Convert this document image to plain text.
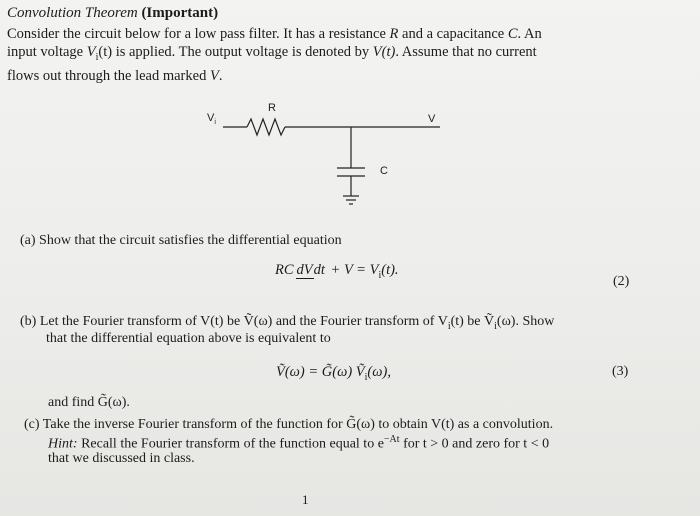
Convolution Theorem (Important)
Consider the circuit below for a low pass filter. It has a resistance R and a capacitance C. An
input voltage $V_i(t)$ is applied. The output voltage is denoted by V(t). Assume that no current
flows out through the lead marked V.
$V_i$
R
V
C
(a) Show that the circuit satisfies the differential equation
RC dVdt + $V = V_i(t)$.
(2)
(b) Let the Fourier transform of V(t) be Ṽ(ω) and the Fourier transform of $V_i(t)$ be Ṽ$_i$(ω). Show
that the differential equation above is equivalent to
Ṽ(ω) = G̃(ω) Ṽ$_i$(ω),	(3)
and find G̃(ω).
(c) Take the inverse Fourier transform of the function for G̃(ω) to obtain V(t) as a convolution.
Hint: Recall the Fourier transform of the function equal to $e^{-At}$ for t > 0 and zero for t < 0
that we discussed in class.
1
